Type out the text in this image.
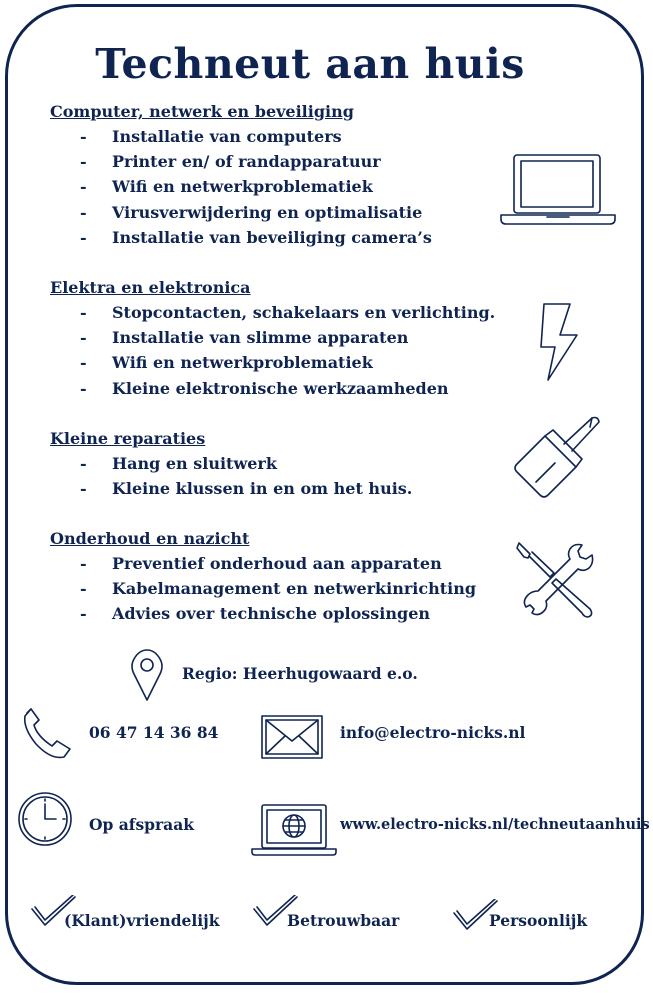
Techneut aan huis
Computer, netwerk en beveiliging
- Installatie van computers
- Printer en/ of randapparatuur
- Wifi en netwerkproblematiek
- Virusverwijdering en optimalisatie
- Installatie van beveiliging camera’s
Elektra en elektronica
- Stopcontacten, schakelaars en verlichting.
- Installatie van slimme apparaten
- Wifi en netwerkproblematiek
- Kleine elektronische werkzaamheden
Kleine reparaties
- Hang en sluitwerk
- Kleine klussen in en om het huis.
Onderhoud en nazicht
- Preventief onderhoud aan apparaten
- Kabelmanagement en netwerkinrichting
- Advies over technische oplossingen
Regio: Heerhugowaard e.o.
06 47 14 36 84	info@electro-nicks.nl
Op afspraak	www.electro-nicks.nl/techneutaanhuis
(Klant)vriendelijk	Betrouwbaar	Persoonlijk
